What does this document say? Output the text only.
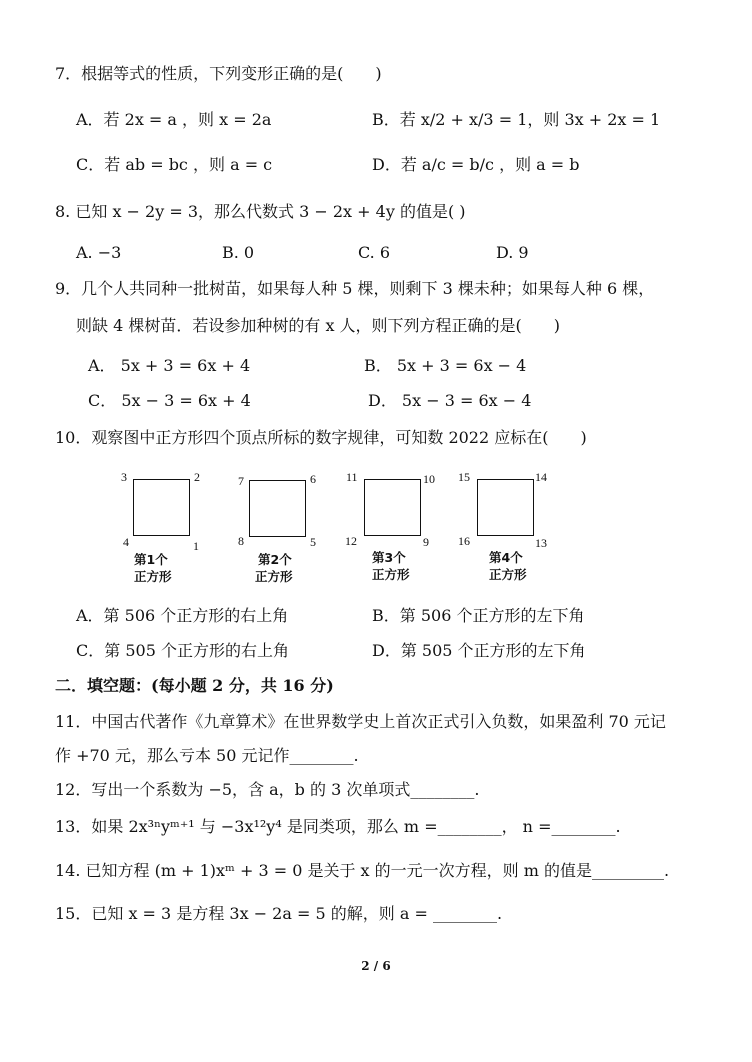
7．根据等式的性质，下列变形正确的是(　　)
A．若 2x = a ，则 x = 2a	B．若 x/2 + x/3 = 1，则 3x + 2x = 1
C．若 ab = bc ，则 a = c	D．若 a/c = b/c ，则 a = b
8. 已知 x − 2y = 3，那么代数式 3 − 2x + 4y 的值是( )
A. −3	B. 0	C. 6	D. 9
9．几个人共同种一批树苗，如果每人种 5 棵，则剩下 3 棵未种；如果每人种 6 棵，
则缺 4 棵树苗．若设参加种树的有 x 人，则下列方程正确的是(　　)
A． 5x + 3 = 6x + 4	B． 5x + 3 = 6x − 4
C． 5x − 3 = 6x + 4	D． 5x − 3 = 6x − 4
10．观察图中正方形四个顶点所标的数字规律，可知数 2022 应标在(　　)
3	2
4	1
第1个
正方形
7	6
8	5
第2个
正方形
11	10
12	9
第3个
正方形
15	14
16	13
第4个
正方形
A．第 506 个正方形的右上角	B．第 506 个正方形的左下角
C．第 505 个正方形的右上角	D．第 505 个正方形的左下角
二．填空题：(每小题 2 分，共 16 分)
11．中国古代著作《九章算术》在世界数学史上首次正式引入负数，如果盈利 70 元记
作 +70 元，那么亏本 50 元记作________.
12．写出一个系数为 −5，含 a，b 的 3 次单项式________.
13．如果 2x³ⁿyᵐ⁺¹ 与 −3x¹²y⁴ 是同类项，那么 m =________， n =________.
14. 已知方程 (m + 1)xᵐ + 3 = 0 是关于 x 的一元一次方程，则 m 的值是_________.
15．已知 x = 3 是方程 3x − 2a = 5 的解，则 a = ________.
2 / 6
